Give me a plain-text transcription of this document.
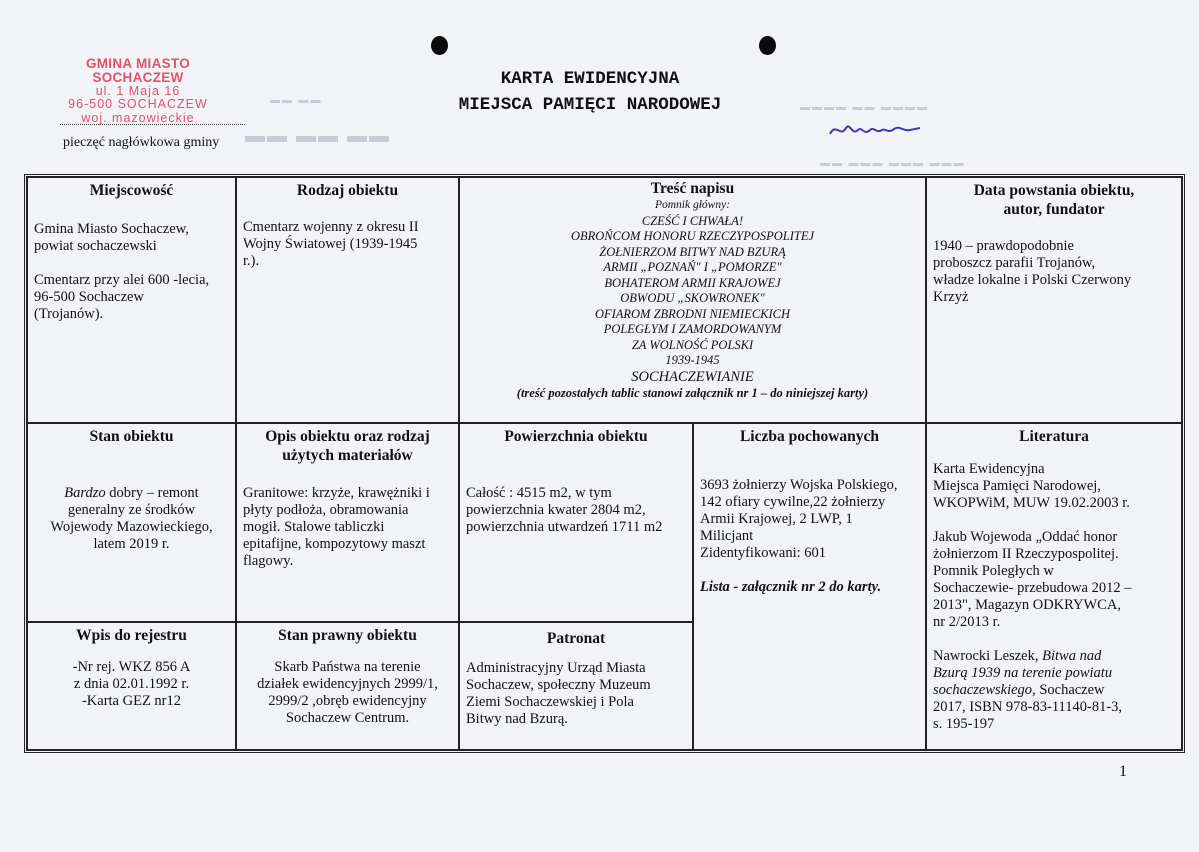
▬▬ ▬▬ ▬▬
▬▬ ▬▬
▬▬▬▬ ▬▬ ▬▬▬▬
▬▬ ▬▬▬ ▬▬▬ ▬▬▬
GMINA MIASTO SOCHACZEW
ul. 1 Maja 16
96-500 SOCHACZEW
woj. mazowieckie
pieczęć nagłówkowa gminy
KARTA EWIDENCYJNA
MIEJSCA PAMIĘCI NARODOWEJ
Miejscowość
Gmina Miasto Sochaczew,
powiat sochaczewski
Cmentarz przy alei 600 -lecia,
96-500 Sochaczew
(Trojanów).
Rodzaj obiektu
Cmentarz wojenny z okresu II
Wojny Światowej (1939-1945
r.).
Treść napisu
Pomnik główny:
CZEŚĆ I CHWAŁA!
OBROŃCOM HONORU RZECZYPOSPOLITEJ
ŻOŁNIERZOM BITWY NAD BZURĄ
ARMII „POZNAŃ" I „POMORZE"
BOHATEROM ARMII KRAJOWEJ
OBWODU „SKOWRONEK"
OFIAROM ZBRODNI NIEMIECKICH
POLEGŁYM I ZAMORDOWANYM
ZA WOLNOŚĆ POLSKI
1939-1945
SOCHACZEWIANIE
(treść pozostałych tablic stanowi załącznik nr 1 – do niniejszej karty)
Data powstania obiektu,
autor, fundator
1940 – prawdopodobnie
proboszcz parafii Trojanów,
władze lokalne i Polski Czerwony
Krzyż
Stan obiektu
Bardzo dobry – remont
generalny ze środków
Wojewody Mazowieckiego,
latem 2019 r.
Opis obiektu oraz rodzaj
użytych materiałów
Granitowe: krzyże, krawężniki i
płyty podłoża, obramowania
mogił. Stalowe tabliczki
epitafijne, kompozytowy maszt
flagowy.
Powierzchnia obiektu
Całość : 4515 m2, w tym
powierzchnia kwater 2804 m2,
powierzchnia utwardzeń 1711 m2
Liczba pochowanych
3693 żołnierzy Wojska Polskiego,
142 ofiary cywilne,22 żołnierzy
Armii Krajowej, 2 LWP, 1
Milicjant
Zidentyfikowani: 601
Lista - załącznik nr 2 do karty.
Literatura
Karta Ewidencyjna
Miejsca Pamięci Narodowej,
WKOPWiM, MUW 19.02.2003 r.
Jakub Wojewoda „Oddać honor
żołnierzom II Rzeczypospolitej.
Pomnik Poległych w
Sochaczewie- przebudowa 2012 –
2013", Magazyn ODKRYWCA,
nr 2/2013 r.
Nawrocki Leszek, Bitwa nad
Bzurą 1939 na terenie powiatu
sochaczewskiego, Sochaczew
2017, ISBN 978-83-11140-81-3,
s. 195-197
Wpis do rejestru
-Nr rej. WKZ 856 A
z dnia 02.01.1992 r.
-Karta GEZ nr12
Stan prawny obiektu
Skarb Państwa na terenie
działek ewidencyjnych 2999/1,
2999/2 ,obręb ewidencyjny
Sochaczew Centrum.
Patronat
Administracyjny Urząd Miasta
Sochaczew, społeczny Muzeum
Ziemi Sochaczewskiej i Pola
Bitwy nad Bzurą.
1
